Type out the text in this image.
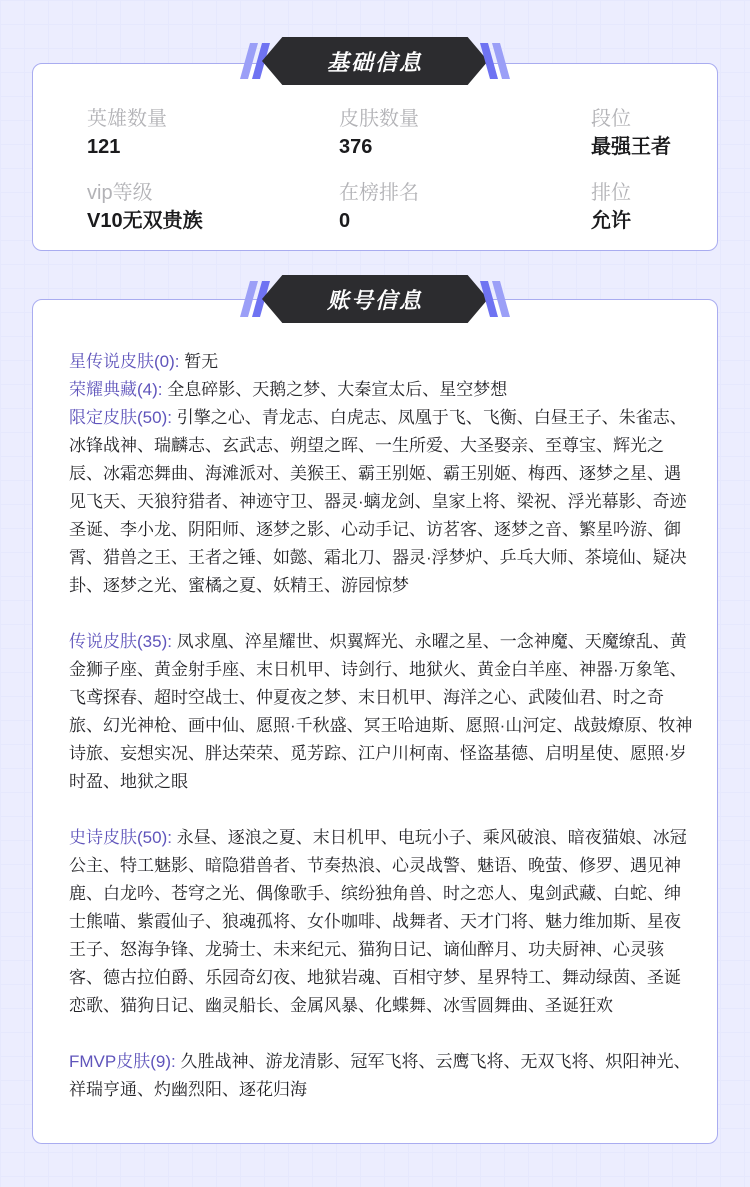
基础信息
英雄数量
121
皮肤数量
376
段位
最强王者
vip等级
V10无双贵族
在榜排名
0
排位
允许
账号信息
星传说皮肤(0): 暂无
荣耀典藏(4): 全息碎影、天鹅之梦、大秦宣太后、星空梦想
限定皮肤(50): 引擎之心、青龙志、白虎志、凤凰于飞、飞衡、白昼王子、朱雀志、冰锋战神、瑞麟志、玄武志、朔望之晖、一生所爱、大圣娶亲、至尊宝、辉光之辰、冰霜恋舞曲、海滩派对、美猴王、霸王别姬、霸王别姬、梅西、逐梦之星、遇见飞天、天狼狩猎者、神迹守卫、器灵·螭龙剑、皇家上将、梁祝、浮光幕影、奇迹圣诞、李小龙、阴阳师、逐梦之影、心动手记、访茗客、逐梦之音、繁星吟游、御霄、猎兽之王、王者之锤、如懿、霜北刀、器灵·浮梦炉、乒乓大师、茶境仙、疑决卦、逐梦之光、蜜橘之夏、妖精王、游园惊梦
传说皮肤(35): 凤求凰、淬星耀世、炽翼辉光、永曜之星、一念神魔、天魔缭乱、黄金狮子座、黄金射手座、末日机甲、诗剑行、地狱火、黄金白羊座、神器·万象笔、飞鸢探春、超时空战士、仲夏夜之梦、末日机甲、海洋之心、武陵仙君、时之奇旅、幻光神枪、画中仙、愿照·千秋盛、冥王哈迪斯、愿照·山河定、战鼓燎原、牧神诗旅、妄想实况、胖达荣荣、觅芳踪、江户川柯南、怪盗基德、启明星使、愿照·岁时盈、地狱之眼
史诗皮肤(50): 永昼、逐浪之夏、末日机甲、电玩小子、乘风破浪、暗夜猫娘、冰冠公主、特工魅影、暗隐猎兽者、节奏热浪、心灵战警、魅语、晚萤、修罗、遇见神鹿、白龙吟、苍穹之光、偶像歌手、缤纷独角兽、时之恋人、鬼剑武藏、白蛇、绅士熊喵、紫霞仙子、狼魂孤将、女仆咖啡、战舞者、天才门将、魅力维加斯、星夜王子、怒海争锋、龙骑士、未来纪元、猫狗日记、谪仙醉月、功夫厨神、心灵骇客、德古拉伯爵、乐园奇幻夜、地狱岩魂、百相守梦、星界特工、舞动绿茵、圣诞恋歌、猫狗日记、幽灵船长、金属风暴、化蝶舞、冰雪圆舞曲、圣诞狂欢
FMVP皮肤(9): 久胜战神、游龙清影、冠军飞将、云鹰飞将、无双飞将、炽阳神光、祥瑞亨通、灼幽烈阳、逐花归海
